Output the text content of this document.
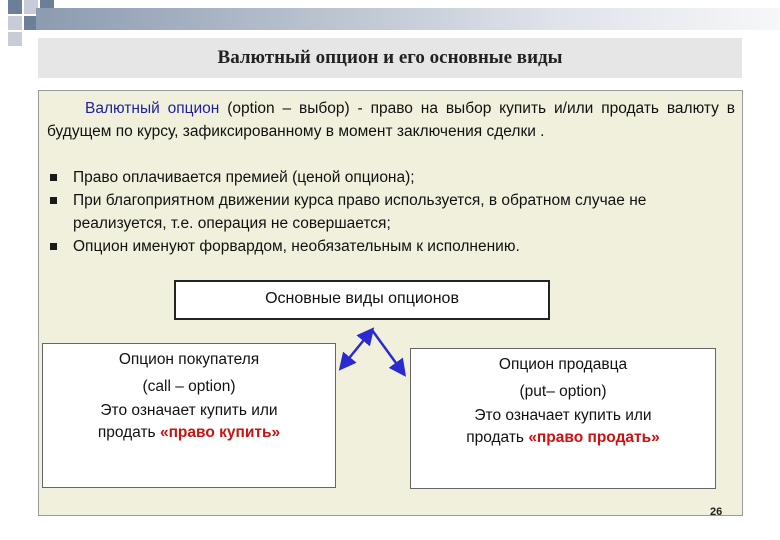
Валютный опцион и его основные виды
Валютный опцион (option – выбор) - право на выбор купить и/или продать валюту в будущем по курсу, зафиксированному в момент заключения сделки .
Право оплачивается премией (ценой опциона);
При благоприятном движении курса право используется, в обратном случае не реализуется, т.е. операция не совершается;
Опцион именуют форвардом, необязательным к исполнению.
Основные виды опционов
Опцион покупателя
(call – option)
Это означает купить или
продать «право купить»
Опцион продавца
(put– option)
Это означает купить или
продать «право продать»
26
